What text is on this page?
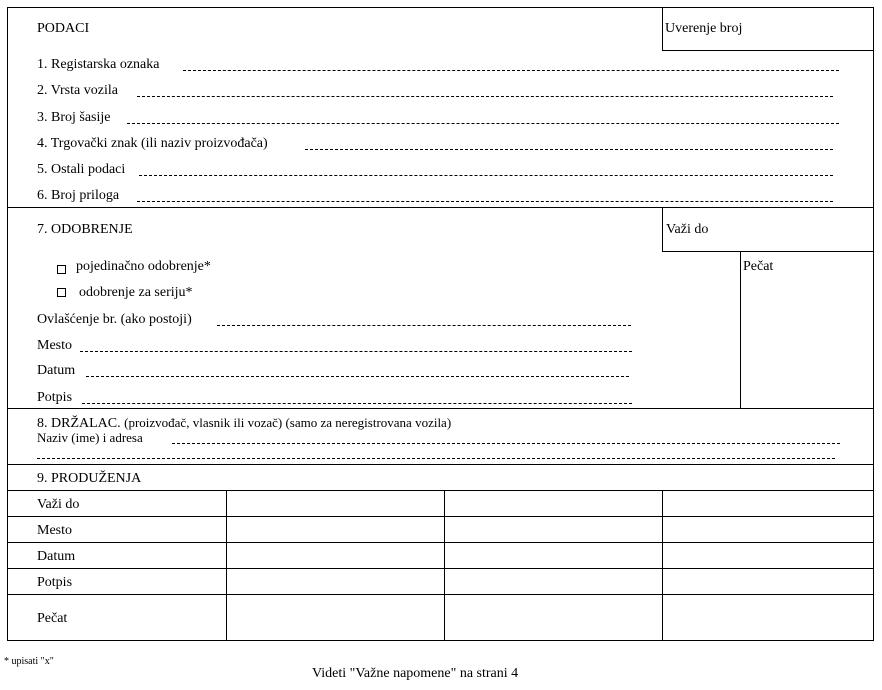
PODACI	Uverenje broj
1. Registarska oznaka
2. Vrsta vozila
3. Broj šasije
4. Trgovački znak (ili naziv proizvođača)
5. Ostali podaci
6. Broj priloga
7. ODOBRENJE	Važi do
Pečat
pojedinačno odobrenje*
odobrenje za seriju*
Ovlašćenje br. (ako postoji)
Mesto
Datum
Potpis
8. DRŽALAC. (proizvođač, vlasnik ili vozač) (samo za neregistrovana vozila)
Naziv (ime) i adresa
9. PRODUŽENJA
Važi do
Mesto
Datum
Potpis
Pečat
* upisati "x"
Videti "Važne napomene" na strani 4
